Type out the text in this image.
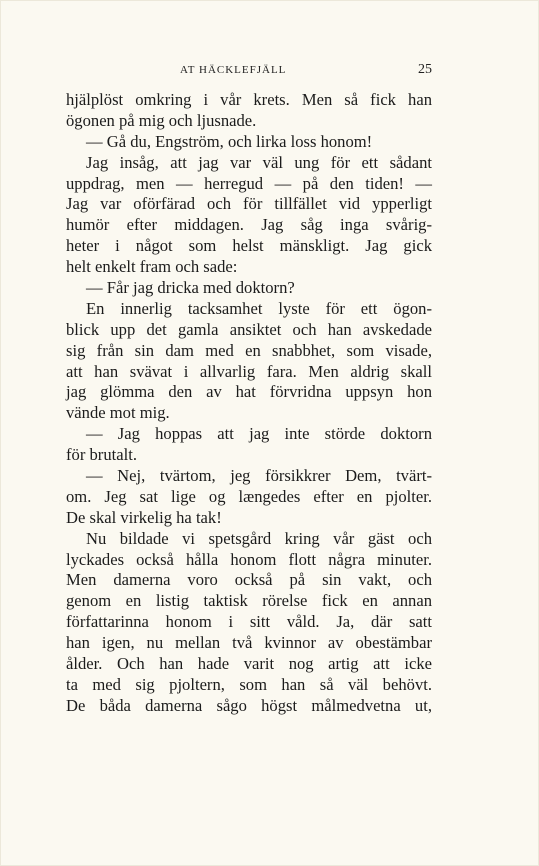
AT HÄCKLEFJÄLL	25
hjälplöst omkring i vår krets. Men så fick han
ögonen på mig och ljusnade.
— Gå du, Engström, och lirka loss honom!
Jag insåg, att jag var väl ung för ett sådant
uppdrag, men — herregud — på den tiden! —
Jag var oförfärad och för tillfället vid ypperligt
humör efter middagen. Jag såg inga svårig-
heter i något som helst mänskligt. Jag gick
helt enkelt fram och sade:
— Får jag dricka med doktorn?
En innerlig tacksamhet lyste för ett ögon-
blick upp det gamla ansiktet och han avskedade
sig från sin dam med en snabbhet, som visade,
att han svävat i allvarlig fara. Men aldrig skall
jag glömma den av hat förvridna uppsyn hon
vände mot mig.
— Jag hoppas att jag inte störde doktorn
för brutalt.
— Nej, tvärtom, jeg försikkrer Dem, tvärt-
om. Jeg sat lige og længedes efter en pjolter.
De skal virkelig ha tak!
Nu bildade vi spetsgård kring vår gäst och
lyckades också hålla honom flott några minuter.
Men damerna voro också på sin vakt, och
genom en listig taktisk rörelse fick en annan
författarinna honom i sitt våld. Ja, där satt
han igen, nu mellan två kvinnor av obestämbar
ålder. Och han hade varit nog artig att icke
ta med sig pjoltern, som han så väl behövt.
De båda damerna sågo högst målmedvetna ut,
